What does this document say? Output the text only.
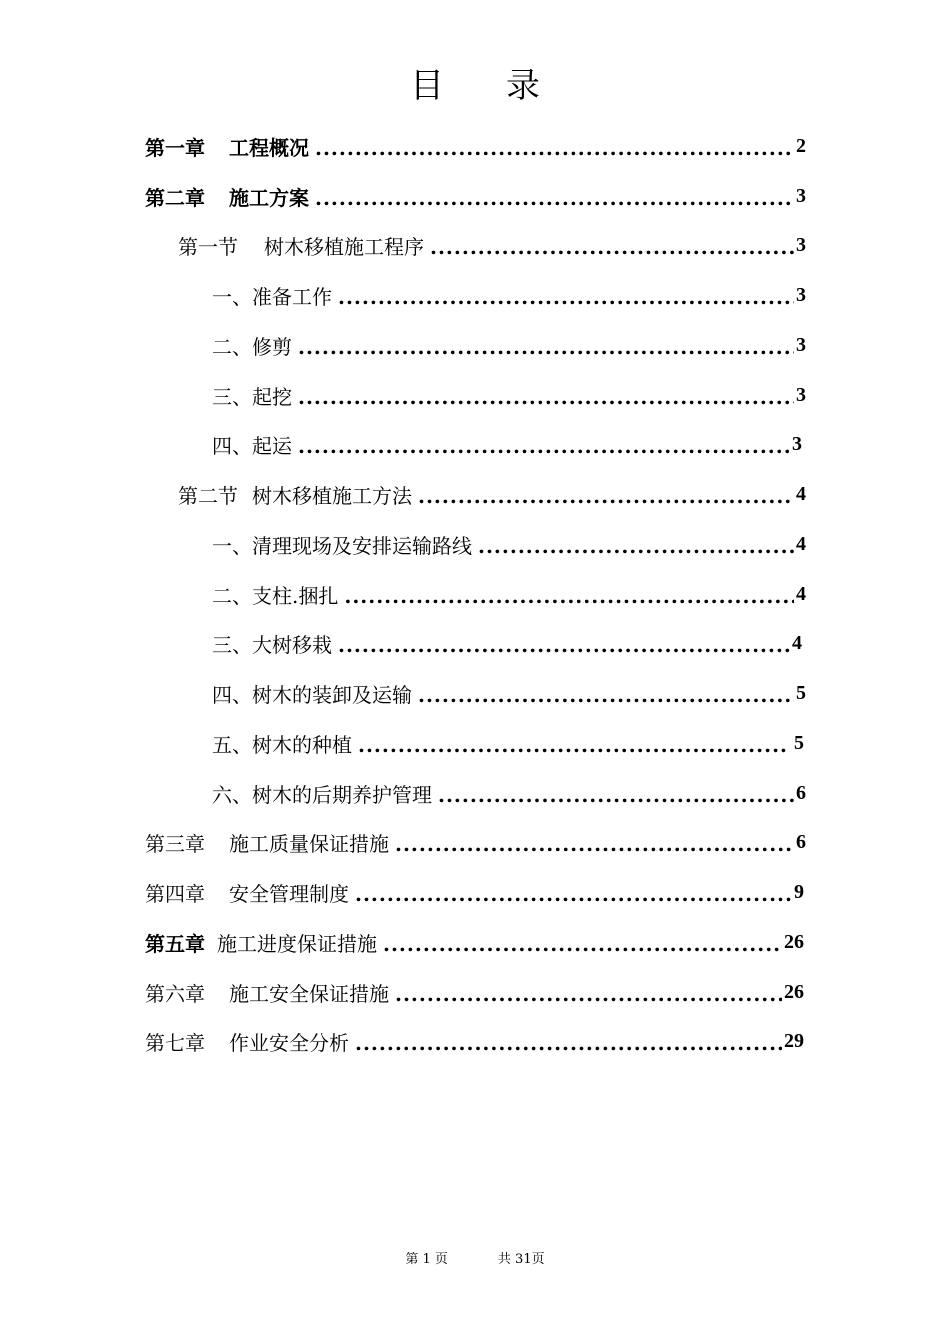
目 录
第一章 工程概况 .....	2
第二章 施工方案 .....	3
第一节 树木移植施工程序 .....	3
一、准备工作 .....	3
二、修剪 .....	3
三、起挖 .....	3
四、起运 .....	3
第二节 树木移植施工方法 .....	4
一、清理现场及安排运输路线 .....	4
二、支柱.捆扎 .....	4
三、大树移栽 .....	4
四、树木的装卸及运输 .....	5
五、树木的种植 .....	5
六、树木的后期养护管理 .....	6
第三章 施工质量保证措施 .....	6
第四章 安全管理制度 .....	9
第五章 施工进度保证措施 .....	26
第六章 施工安全保证措施 .....	26
第七章 作业安全分析 .....	29
第 1 页	共 31页
